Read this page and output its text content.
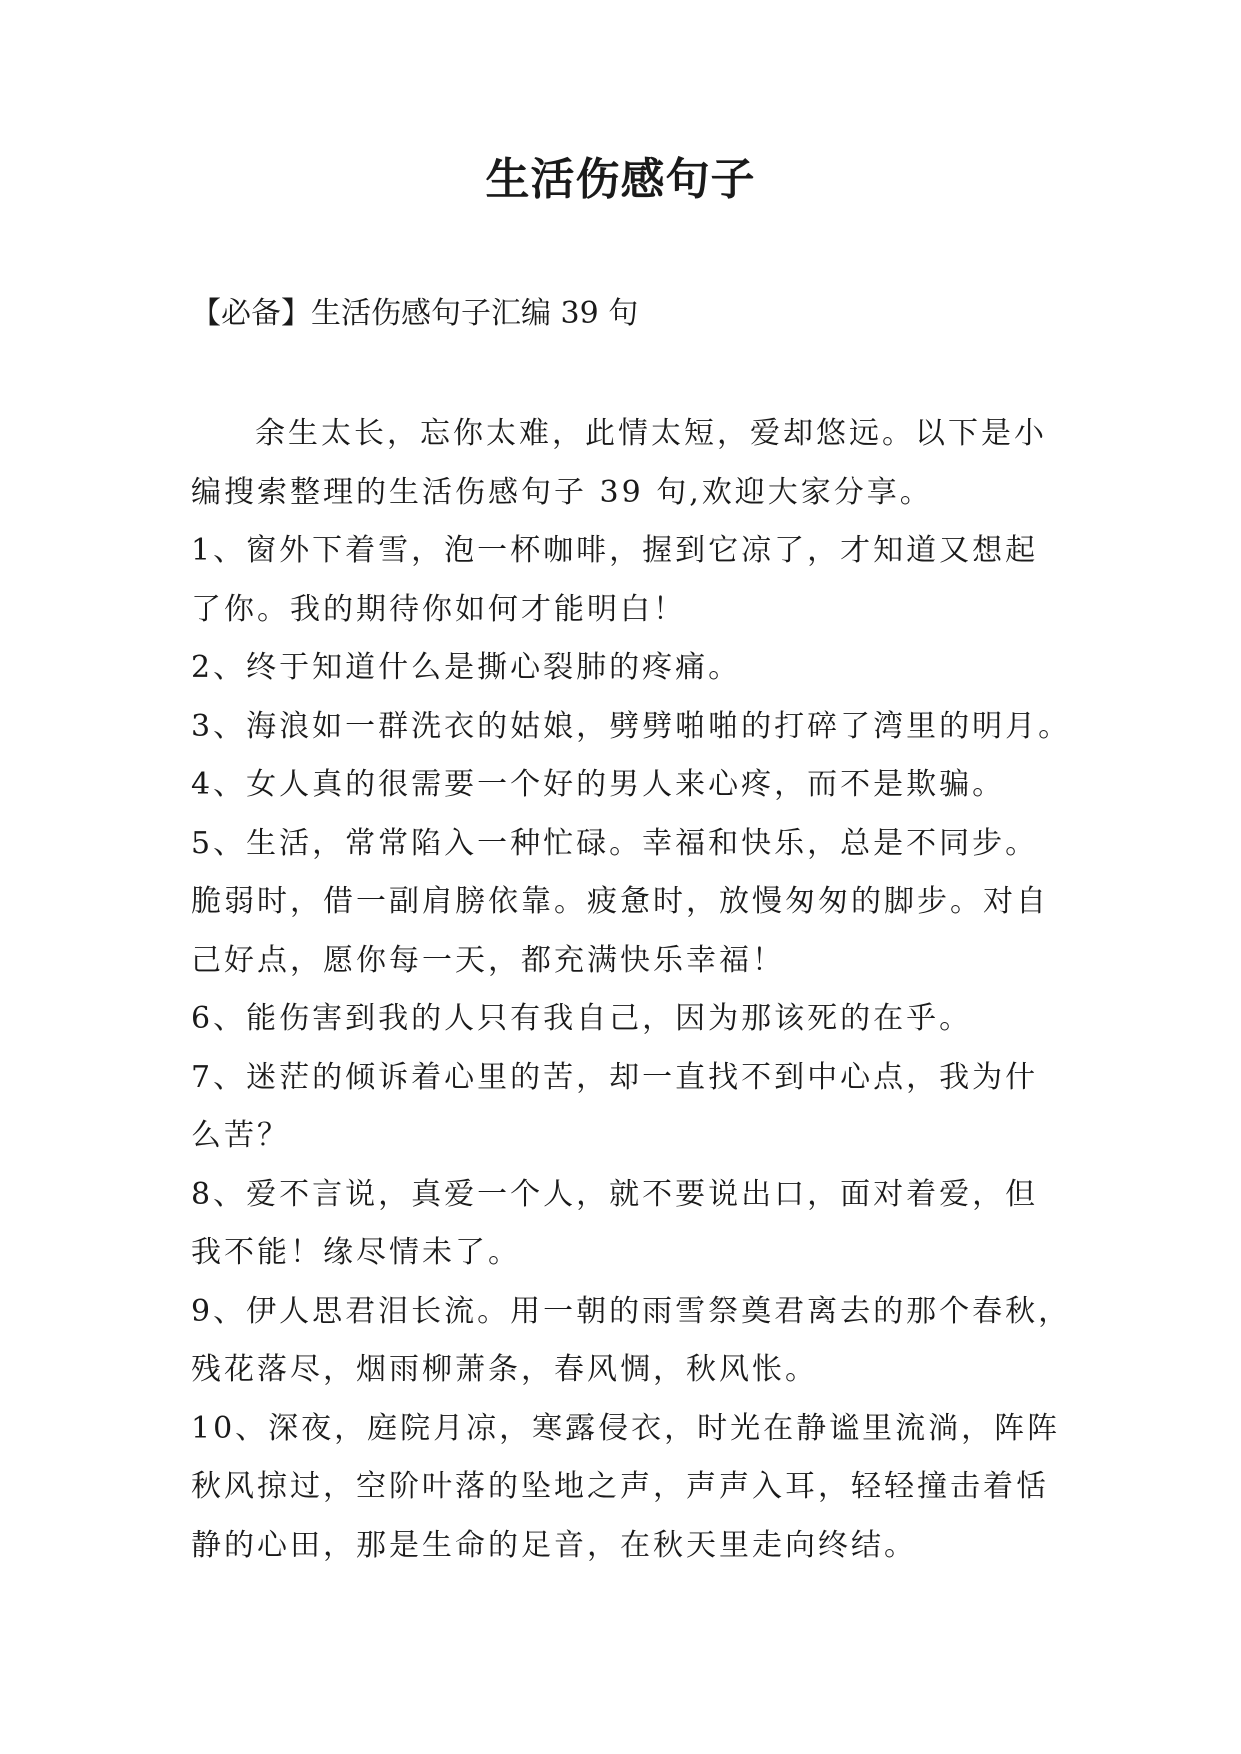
生活伤感句子

【必备】生活伤感句子汇编 39 句

余生太长，忘你太难，此情太短，爱却悠远。以下是小
编搜索整理的生活伤感句子 39 句,欢迎大家分享。

1、窗外下着雪，泡一杯咖啡，握到它凉了，才知道又想起
了你。我的期待你如何才能明白！

2、终于知道什么是撕心裂肺的疼痛。

3、海浪如一群洗衣的姑娘，劈劈啪啪的打碎了湾里的明月。

4、女人真的很需要一个好的男人来心疼，而不是欺骗。

5、生活，常常陷入一种忙碌。幸福和快乐，总是不同步。
脆弱时，借一副肩膀依靠。疲惫时，放慢匆匆的脚步。对自
己好点，愿你每一天，都充满快乐幸福！

6、能伤害到我的人只有我自己，因为那该死的在乎。

7、迷茫的倾诉着心里的苦，却一直找不到中心点，我为什
么苦？

8、爱不言说，真爱一个人，就不要说出口，面对着爱，但
我不能！缘尽情未了。

9、伊人思君泪长流。用一朝的雨雪祭奠君离去的那个春秋，
残花落尽，烟雨柳萧条，春风惆，秋风怅。

10、深夜，庭院月凉，寒露侵衣，时光在静谧里流淌，阵阵
秋风掠过，空阶叶落的坠地之声，声声入耳，轻轻撞击着恬
静的心田，那是生命的足音，在秋天里走向终结。
